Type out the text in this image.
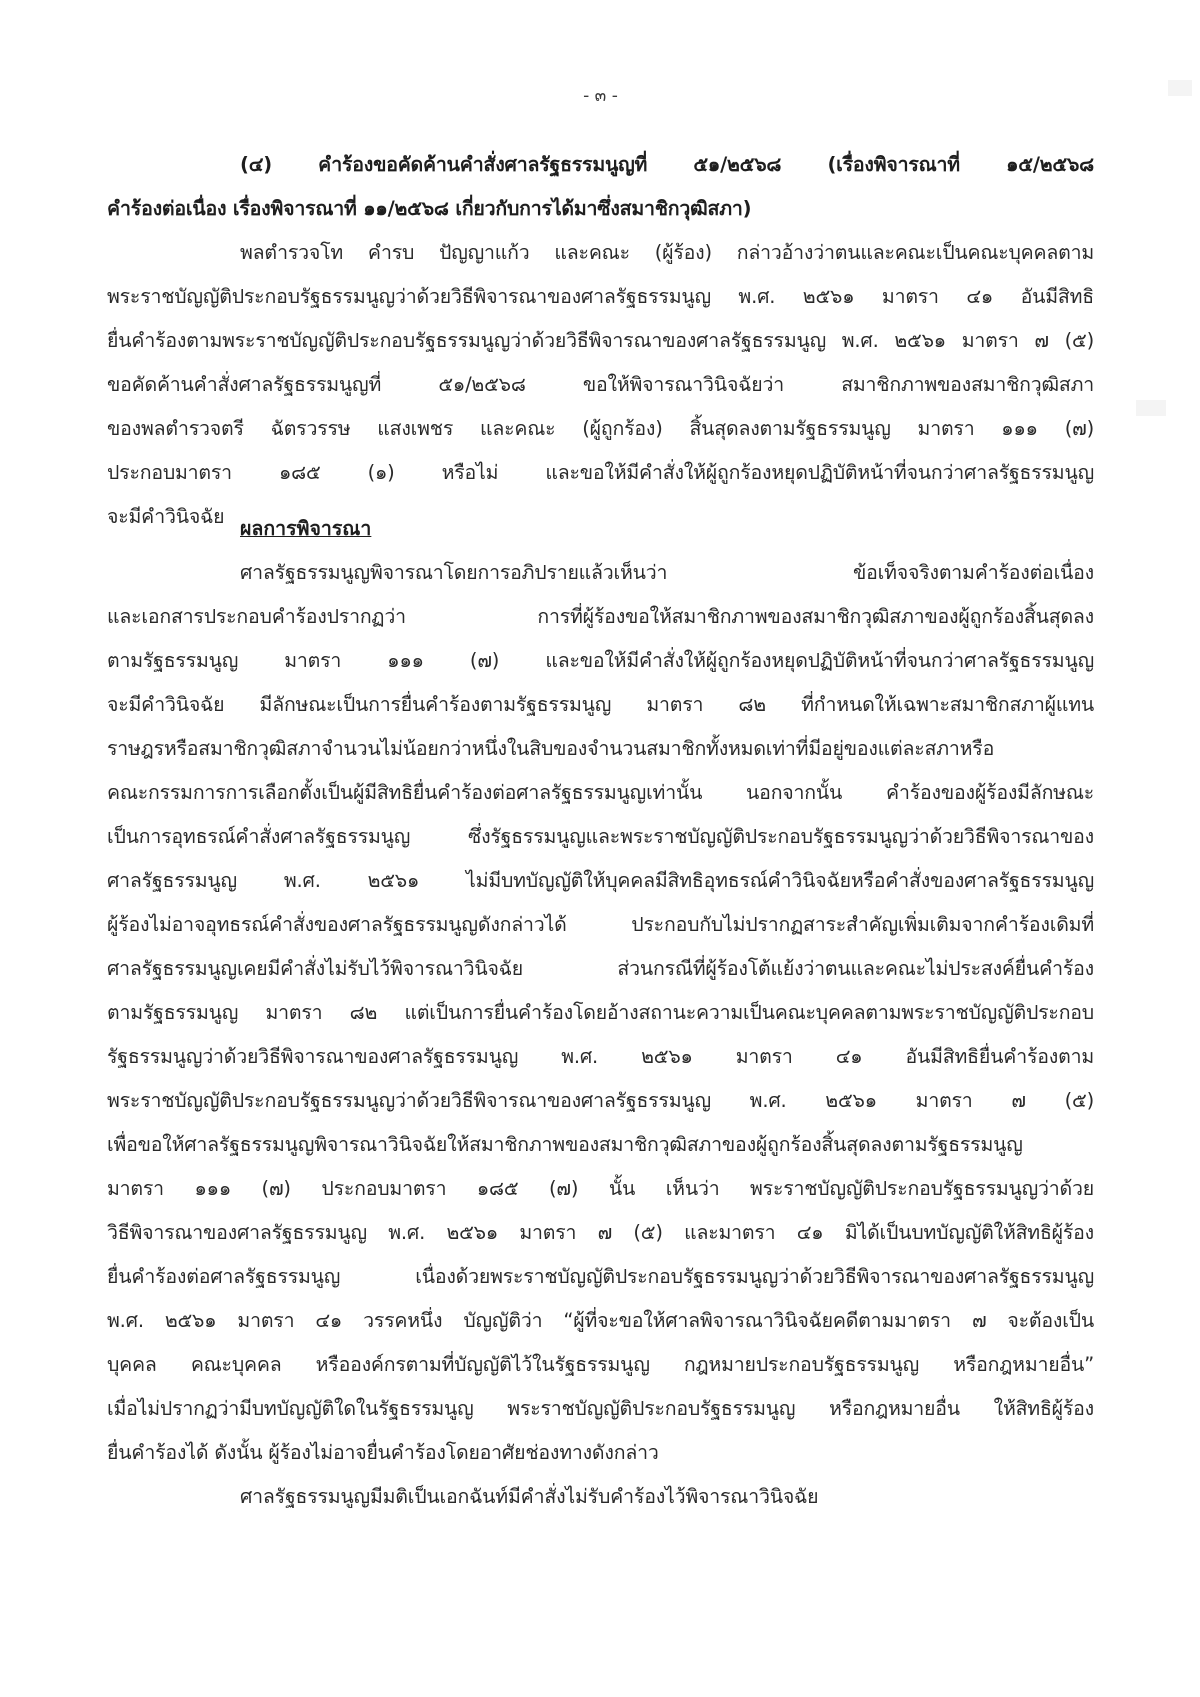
- ๓ -
(๔) คำร้องขอคัดค้านคำสั่งศาลรัฐธรรมนูญที่ ๕๑/๒๕๖๘ (เรื่องพิจารณาที่ ๑๕/๒๕๖๘
คำร้องต่อเนื่อง เรื่องพิจารณาที่ ๑๑/๒๕๖๘ เกี่ยวกับการได้มาซึ่งสมาชิกวุฒิสภา)
พลตำรวจโท คำรบ ปัญญาแก้ว และคณะ (ผู้ร้อง) กล่าวอ้างว่าตนและคณะเป็นคณะบุคคลตาม
พระราชบัญญัติประกอบรัฐธรรมนูญว่าด้วยวิธีพิจารณาของศาลรัฐธรรมนูญ พ.ศ. ๒๕๖๑ มาตรา ๔๑ อันมีสิทธิ
ยื่นคำร้องตามพระราชบัญญัติประกอบรัฐธรรมนูญว่าด้วยวิธีพิจารณาของศาลรัฐธรรมนูญ พ.ศ. ๒๕๖๑ มาตรา ๗ (๕)
ขอคัดค้านคำสั่งศาลรัฐธรรมนูญที่ ๕๑/๒๕๖๘ ขอให้พิจารณาวินิจฉัยว่า สมาชิกภาพของสมาชิกวุฒิสภา
ของพลตำรวจตรี ฉัตรวรรษ แสงเพชร และคณะ (ผู้ถูกร้อง) สิ้นสุดลงตามรัฐธรรมนูญ มาตรา ๑๑๑ (๗)
ประกอบมาตรา ๑๘๕ (๑) หรือไม่ และขอให้มีคำสั่งให้ผู้ถูกร้องหยุดปฏิบัติหน้าที่จนกว่าศาลรัฐธรรมนูญ
จะมีคำวินิจฉัย
ผลการพิจารณา
ศาลรัฐธรรมนูญพิจารณาโดยการอภิปรายแล้วเห็นว่า ข้อเท็จจริงตามคำร้องต่อเนื่อง
และเอกสารประกอบคำร้องปรากฏว่า การที่ผู้ร้องขอให้สมาชิกภาพของสมาชิกวุฒิสภาของผู้ถูกร้องสิ้นสุดลง
ตามรัฐธรรมนูญ มาตรา ๑๑๑ (๗) และขอให้มีคำสั่งให้ผู้ถูกร้องหยุดปฏิบัติหน้าที่จนกว่าศาลรัฐธรรมนูญ
จะมีคำวินิจฉัย มีลักษณะเป็นการยื่นคำร้องตามรัฐธรรมนูญ มาตรา ๘๒ ที่กำหนดให้เฉพาะสมาชิกสภาผู้แทน
ราษฎรหรือสมาชิกวุฒิสภาจำนวนไม่น้อยกว่าหนึ่งในสิบของจำนวนสมาชิกทั้งหมดเท่าที่มีอยู่ของแต่ละสภาหรือ
คณะกรรมการการเลือกตั้งเป็นผู้มีสิทธิยื่นคำร้องต่อศาลรัฐธรรมนูญเท่านั้น นอกจากนั้น คำร้องของผู้ร้องมีลักษณะ
เป็นการอุทธรณ์คำสั่งศาลรัฐธรรมนูญ ซึ่งรัฐธรรมนูญและพระราชบัญญัติประกอบรัฐธรรมนูญว่าด้วยวิธีพิจารณาของ
ศาลรัฐธรรมนูญ พ.ศ. ๒๕๖๑ ไม่มีบทบัญญัติให้บุคคลมีสิทธิอุทธรณ์คำวินิจฉัยหรือคำสั่งของศาลรัฐธรรมนูญ
ผู้ร้องไม่อาจอุทธรณ์คำสั่งของศาลรัฐธรรมนูญดังกล่าวได้ ประกอบกับไม่ปรากฏสาระสำคัญเพิ่มเติมจากคำร้องเดิมที่
ศาลรัฐธรรมนูญเคยมีคำสั่งไม่รับไว้พิจารณาวินิจฉัย ส่วนกรณีที่ผู้ร้องโต้แย้งว่าตนและคณะไม่ประสงค์ยื่นคำร้อง
ตามรัฐธรรมนูญ มาตรา ๘๒ แต่เป็นการยื่นคำร้องโดยอ้างสถานะความเป็นคณะบุคคลตามพระราชบัญญัติประกอบ
รัฐธรรมนูญว่าด้วยวิธีพิจารณาของศาลรัฐธรรมนูญ พ.ศ. ๒๕๖๑ มาตรา ๔๑ อันมีสิทธิยื่นคำร้องตาม
พระราชบัญญัติประกอบรัฐธรรมนูญว่าด้วยวิธีพิจารณาของศาลรัฐธรรมนูญ พ.ศ. ๒๕๖๑ มาตรา ๗ (๕)
เพื่อขอให้ศาลรัฐธรรมนูญพิจารณาวินิจฉัยให้สมาชิกภาพของสมาชิกวุฒิสภาของผู้ถูกร้องสิ้นสุดลงตามรัฐธรรมนูญ
มาตรา ๑๑๑ (๗) ประกอบมาตรา ๑๘๕ (๗) นั้น เห็นว่า พระราชบัญญัติประกอบรัฐธรรมนูญว่าด้วย
วิธีพิจารณาของศาลรัฐธรรมนูญ พ.ศ. ๒๕๖๑ มาตรา ๗ (๕) และมาตรา ๔๑ มิได้เป็นบทบัญญัติให้สิทธิผู้ร้อง
ยื่นคำร้องต่อศาลรัฐธรรมนูญ เนื่องด้วยพระราชบัญญัติประกอบรัฐธรรมนูญว่าด้วยวิธีพิจารณาของศาลรัฐธรรมนูญ
พ.ศ. ๒๕๖๑ มาตรา ๔๑ วรรคหนึ่ง บัญญัติว่า “ผู้ที่จะขอให้ศาลพิจารณาวินิจฉัยคดีตามมาตรา ๗ จะต้องเป็น
บุคคล คณะบุคคล หรือองค์กรตามที่บัญญัติไว้ในรัฐธรรมนูญ กฎหมายประกอบรัฐธรรมนูญ หรือกฎหมายอื่น”
เมื่อไม่ปรากฏว่ามีบทบัญญัติใดในรัฐธรรมนูญ พระราชบัญญัติประกอบรัฐธรรมนูญ หรือกฎหมายอื่น ให้สิทธิผู้ร้อง
ยื่นคำร้องได้ ดังนั้น ผู้ร้องไม่อาจยื่นคำร้องโดยอาศัยช่องทางดังกล่าว
ศาลรัฐธรรมนูญมีมติเป็นเอกฉันท์มีคำสั่งไม่รับคำร้องไว้พิจารณาวินิจฉัย
